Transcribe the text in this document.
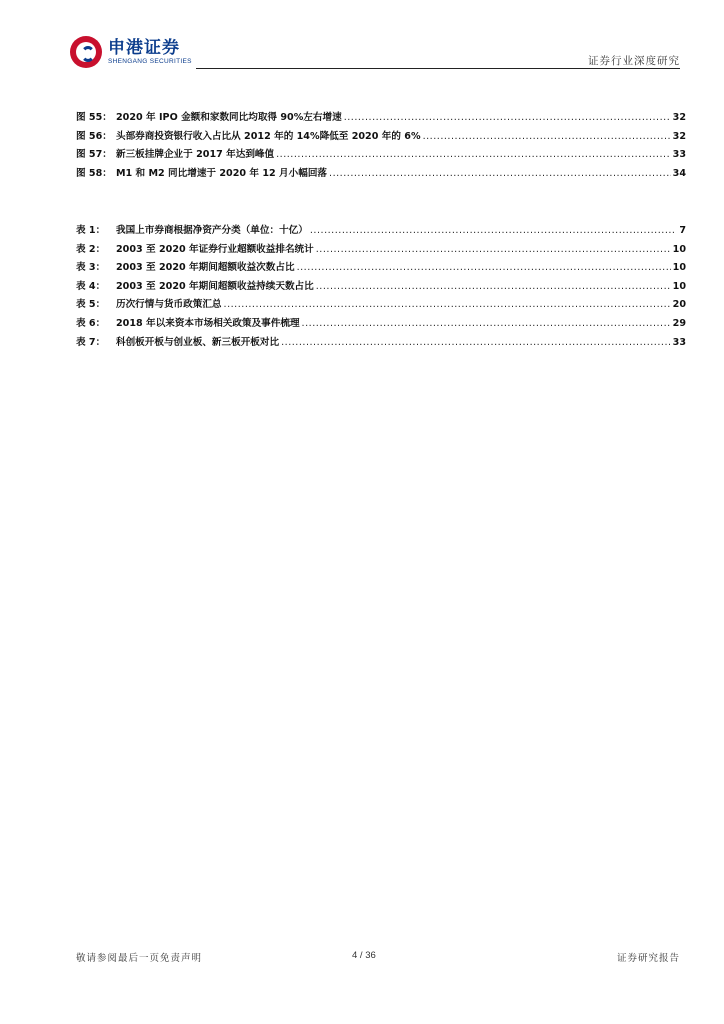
申港证券
SHENGANG SECURITIES	证券行业深度研究
图 55： 2020 年 IPO 金额和家数同比均取得 90%左右增速 .....	32
图 56： 头部券商投资银行收入占比从 2012 年的 14%降低至 2020 年的 6% .....	32
图 57： 新三板挂牌企业于 2017 年达到峰值 .....	33
图 58： M1 和 M2 同比增速于 2020 年 12 月小幅回落 .....	34
表 1：	我国上市券商根据净资产分类（单位：十亿） .....	7
表 2：	2003 至 2020 年证券行业超额收益排名统计 .....	10
表 3：	2003 至 2020 年期间超额收益次数占比 .....	10
表 4：	2003 至 2020 年期间超额收益持续天数占比 .....	10
表 5：	历次行情与货币政策汇总 .....	20
表 6：	2018 年以来资本市场相关政策及事件梳理 .....	29
表 7：	科创板开板与创业板、新三板开板对比 .....	33
敬请参阅最后一页免责声明	4 / 36	证券研究报告
